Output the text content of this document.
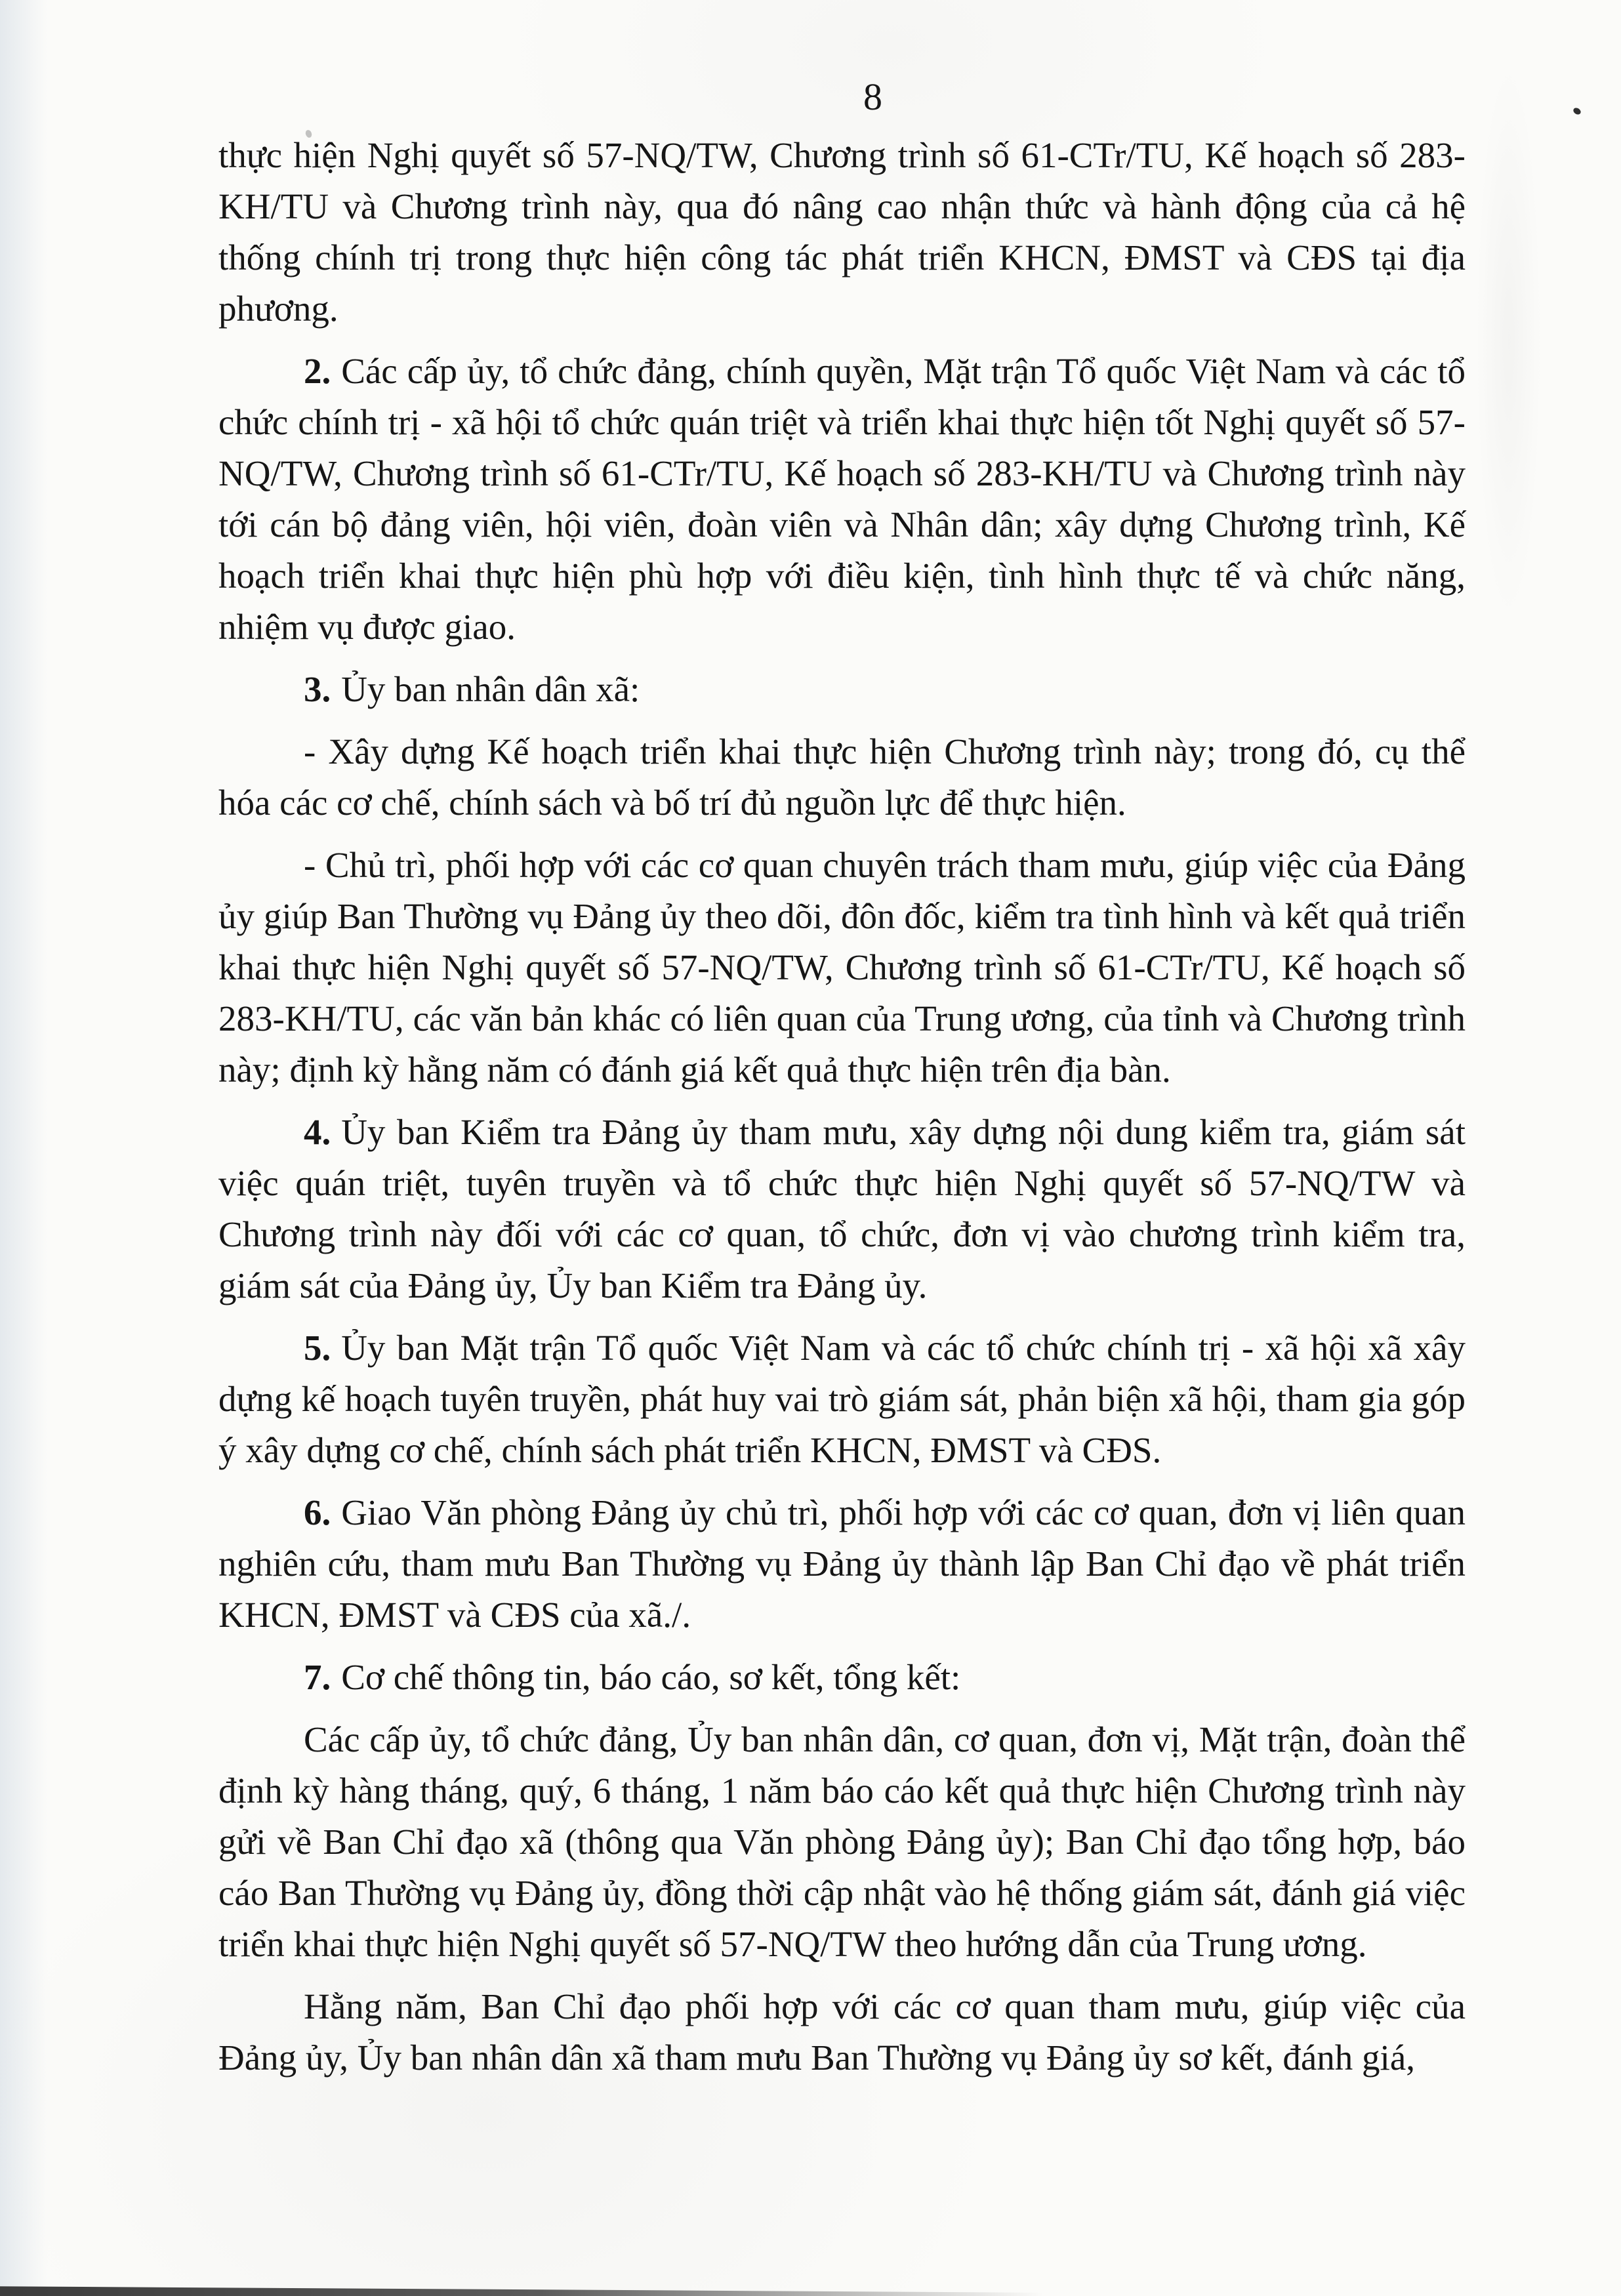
8

thực hiện Nghị quyết số 57-NQ/TW, Chương trình số 61-CTr/TU, Kế hoạch số 283-KH/TU và Chương trình này, qua đó nâng cao nhận thức và hành động của cả hệ thống chính trị trong thực hiện công tác phát triển KHCN, ĐMST và CĐS tại địa phương.

2. Các cấp ủy, tổ chức đảng, chính quyền, Mặt trận Tổ quốc Việt Nam và các tổ chức chính trị - xã hội tổ chức quán triệt và triển khai thực hiện tốt Nghị quyết số 57-NQ/TW, Chương trình số 61-CTr/TU, Kế hoạch số 283-KH/TU và Chương trình này tới cán bộ đảng viên, hội viên, đoàn viên và Nhân dân; xây dựng Chương trình, Kế hoạch triển khai thực hiện phù hợp với điều kiện, tình hình thực tế và chức năng, nhiệm vụ được giao.

3. Ủy ban nhân dân xã:

- Xây dựng Kế hoạch triển khai thực hiện Chương trình này; trong đó, cụ thể hóa các cơ chế, chính sách và bố trí đủ nguồn lực để thực hiện.

- Chủ trì, phối hợp với các cơ quan chuyên trách tham mưu, giúp việc của Đảng ủy giúp Ban Thường vụ Đảng ủy theo dõi, đôn đốc, kiểm tra tình hình và kết quả triển khai thực hiện Nghị quyết số 57-NQ/TW, Chương trình số 61-CTr/TU, Kế hoạch số 283-KH/TU, các văn bản khác có liên quan của Trung ương, của tỉnh và Chương trình này; định kỳ hằng năm có đánh giá kết quả thực hiện trên địa bàn.

4. Ủy ban Kiểm tra Đảng ủy tham mưu, xây dựng nội dung kiểm tra, giám sát việc quán triệt, tuyên truyền và tổ chức thực hiện Nghị quyết số 57-NQ/TW và Chương trình này đối với các cơ quan, tổ chức, đơn vị vào chương trình kiểm tra, giám sát của Đảng ủy, Ủy ban Kiểm tra Đảng ủy.

5. Ủy ban Mặt trận Tổ quốc Việt Nam và các tổ chức chính trị - xã hội xã xây dựng kế hoạch tuyên truyền, phát huy vai trò giám sát, phản biện xã hội, tham gia góp ý xây dựng cơ chế, chính sách phát triển KHCN, ĐMST và CĐS.

6. Giao Văn phòng Đảng ủy chủ trì, phối hợp với các cơ quan, đơn vị liên quan nghiên cứu, tham mưu Ban Thường vụ Đảng ủy thành lập Ban Chỉ đạo về phát triển KHCN, ĐMST và CĐS của xã./.

7. Cơ chế thông tin, báo cáo, sơ kết, tổng kết:

Các cấp ủy, tổ chức đảng, Ủy ban nhân dân, cơ quan, đơn vị, Mặt trận, đoàn thể định kỳ hàng tháng, quý, 6 tháng, 1 năm báo cáo kết quả thực hiện Chương trình này gửi về Ban Chỉ đạo xã (thông qua Văn phòng Đảng ủy); Ban Chỉ đạo tổng hợp, báo cáo Ban Thường vụ Đảng ủy, đồng thời cập nhật vào hệ thống giám sát, đánh giá việc triển khai thực hiện Nghị quyết số 57-NQ/TW theo hướng dẫn của Trung ương.

Hằng năm, Ban Chỉ đạo phối hợp với các cơ quan tham mưu, giúp việc của Đảng ủy, Ủy ban nhân dân xã tham mưu Ban Thường vụ Đảng ủy sơ kết, đánh giá,
